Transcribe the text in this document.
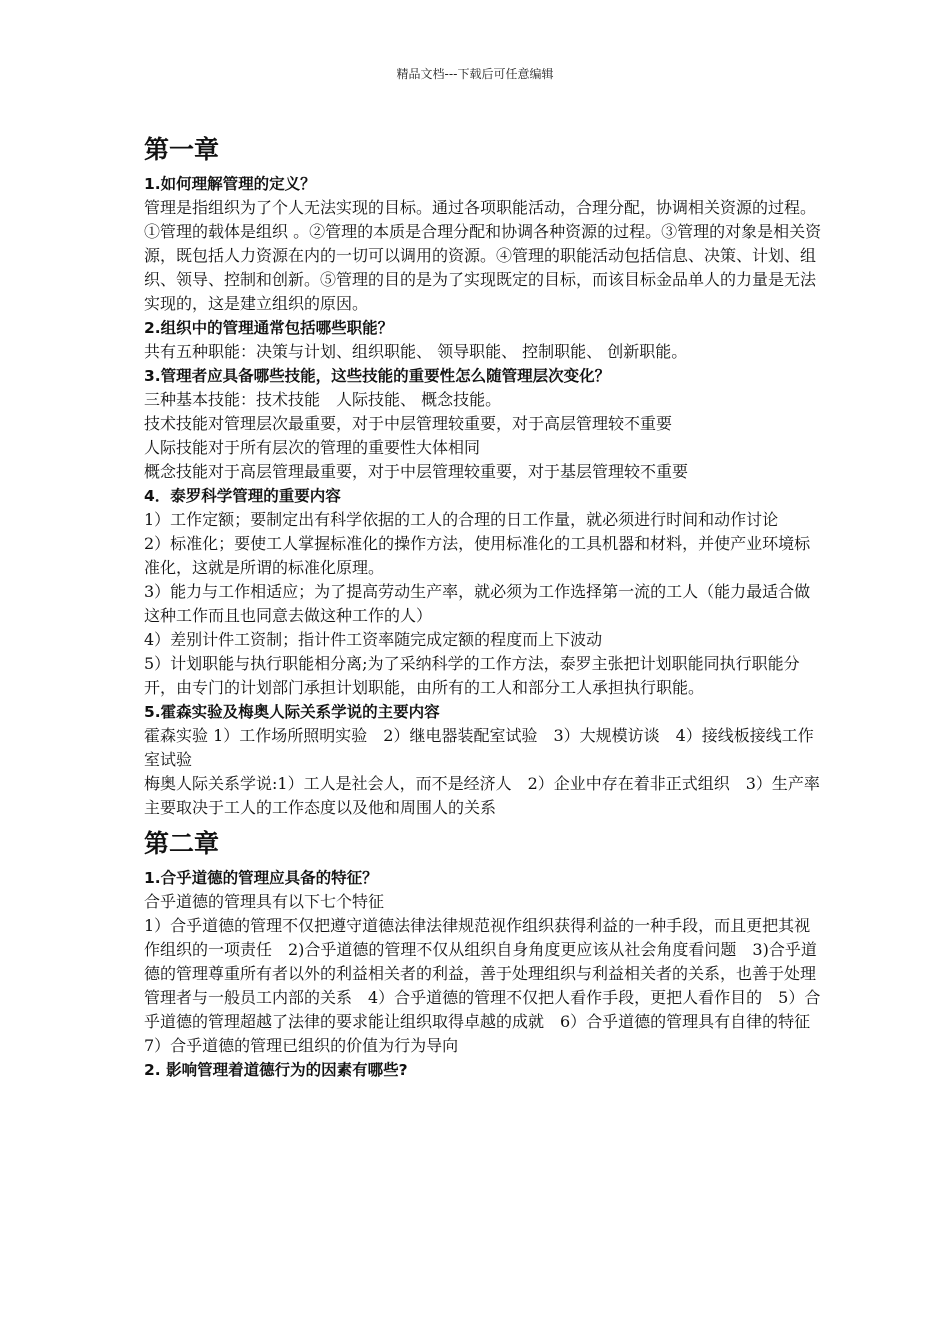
精品文档---下载后可任意编辑
第一章

1.如何理解管理的定义？

管理是指组织为了个人无法实现的目标。通过各项职能活动，合理分配，协调相关资源的过程。①管理的载体是组织 。②管理的本质是合理分配和协调各种资源的过程。③管理的对象是相关资源，既包括人力资源在内的一切可以调用的资源。④管理的职能活动包括信息、决策、计划、组织、领导、控制和创新。⑤管理的目的是为了实现既定的目标，而该目标金品单人的力量是无法实现的，这是建立组织的原因。

2.组织中的管理通常包括哪些职能？

共有五种职能：决策与计划、组织职能、 领导职能、 控制职能、 创新职能。

3.管理者应具备哪些技能，这些技能的重要性怎么随管理层次变化？

三种基本技能：技术技能　人际技能、 概念技能。

技术技能对管理层次最重要，对于中层管理较重要，对于高层管理较不重要

人际技能对于所有层次的管理的重要性大体相同

概念技能对于高层管理最重要，对于中层管理较重要，对于基层管理较不重要

4．泰罗科学管理的重要内容

1）工作定额；要制定出有科学依据的工人的合理的日工作量，就必须进行时间和动作讨论

2）标准化；要使工人掌握标准化的操作方法，使用标准化的工具机器和材料，并使产业环境标准化，这就是所谓的标准化原理。

3）能力与工作相适应；为了提高劳动生产率，就必须为工作选择第一流的工人（能力最适合做这种工作而且也同意去做这种工作的人）

4）差别计件工资制；指计件工资率随完成定额的程度而上下波动

5）计划职能与执行职能相分离;为了采纳科学的工作方法，泰罗主张把计划职能同执行职能分开，由专门的计划部门承担计划职能，由所有的工人和部分工人承担执行职能。

5.霍森实验及梅奥人际关系学说的主要内容

霍森实验 1）工作场所照明实验　2）继电器装配室试验　3）大规模访谈　4）接线板接线工作室试验

梅奥人际关系学说:1）工人是社会人，而不是经济人　2）企业中存在着非正式组织　3）生产率主要取决于工人的工作态度以及他和周围人的关系

第二章

1.合乎道德的管理应具备的特征？

合乎道德的管理具有以下七个特征

1）合乎道德的管理不仅把遵守道德法律法律规范视作组织获得利益的一种手段，而且更把其视作组织的一项责任　2)合乎道德的管理不仅从组织自身角度更应该从社会角度看问题　3)合乎道德的管理尊重所有者以外的利益相关者的利益，善于处理组织与利益相关者的关系，也善于处理管理者与一般员工内部的关系　4）合乎道德的管理不仅把人看作手段，更把人看作目的　5）合乎道德的管理超越了法律的要求能让组织取得卓越的成就　6）合乎道德的管理具有自律的特征　7）合乎道德的管理已组织的价值为行为导向

2. 影响管理着道德行为的因素有哪些?
